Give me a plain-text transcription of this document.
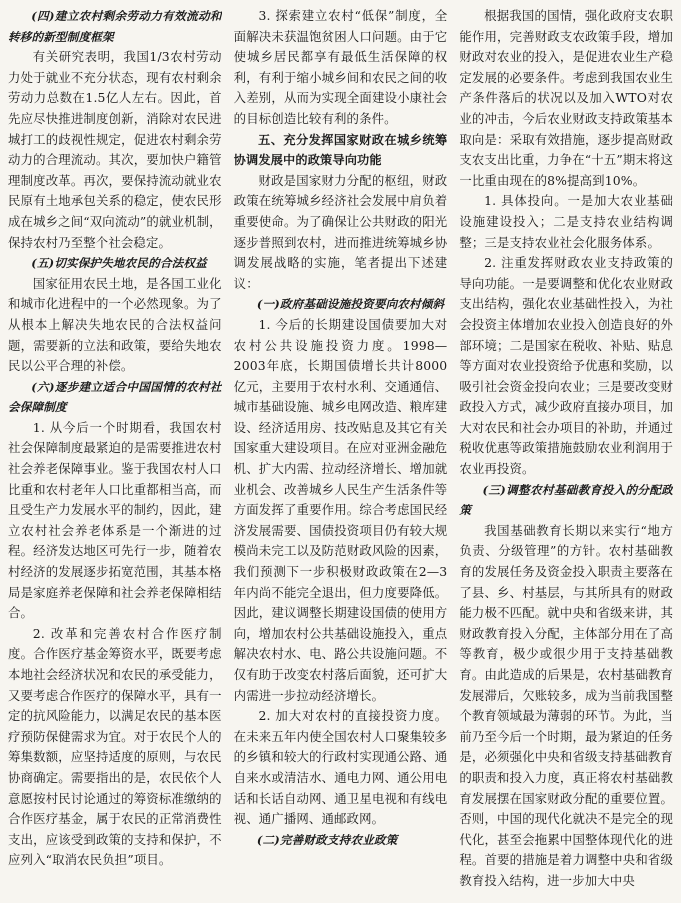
(四)建立农村剩余劳动力有效流动和转移的新型制度框架

有关研究表明，我国1/3农村劳动力处于就业不充分状态，现有农村剩余劳动力总数在1.5亿人左右。因此，首先应尽快推进制度创新，消除对农民进城打工的歧视性规定，促进农村剩余劳动力的合理流动。其次，要加快户籍管理制度改革。再次，要保持流动就业农民原有土地承包关系的稳定，使农民形成在城乡之间“双向流动”的就业机制，保持农村乃至整个社会稳定。

(五)切实保护失地农民的合法权益

国家征用农民土地，是各国工业化和城市化进程中的一个必然现象。为了从根本上解决失地农民的合法权益问题，需要新的立法和政策，要给失地农民以公平合理的补偿。

(六)逐步建立适合中国国情的农村社会保障制度

1. 从今后一个时期看，我国农村社会保障制度最紧迫的是需要推进农村社会养老保障事业。鉴于我国农村人口比重和农村老年人口比重都相当高，而且受生产力发展水平的制约，因此，建立农村社会养老体系是一个渐进的过程。经济发达地区可先行一步，随着农村经济的发展逐步拓宽范围，其基本格局是家庭养老保障和社会养老保障相结合。

2. 改革和完善农村合作医疗制度。合作医疗基金筹资水平，既要考虑本地社会经济状况和农民的承受能力，又要考虑合作医疗的保障水平，具有一定的抗风险能力，以满足农民的基本医疗预防保健需求为宜。对于农民个人的筹集数额，应坚持适度的原则，与农民协商确定。需要指出的是，农民依个人意愿按村民讨论通过的筹资标准缴纳的合作医疗基金，属于农民的正常消费性支出，应该受到政策的支持和保护，不应列入“取消农民负担”项目。

3. 探索建立农村“低保”制度，全面解决未获温饱贫困人口问题。由于它使城乡居民都享有最低生活保障的权利，有利于缩小城乡间和农民之间的收入差别，从而为实现全面建设小康社会的目标创造比较有利的条件。

五、充分发挥国家财政在城乡统筹协调发展中的政策导向功能

财政是国家财力分配的枢纽，财政政策在统筹城乡经济社会发展中肩负着重要使命。为了确保让公共财政的阳光逐步普照到农村，进而推进统筹城乡协调发展战略的实施，笔者提出下述建议：

(一)政府基础设施投资要向农村倾斜

1. 今后的长期建设国债要加大对农村公共设施投资力度。1998—2003年底，长期国债增长共计8000亿元，主要用于农村水利、交通通信、城市基础设施、城乡电网改造、粮库建设、经济适用房、技改贴息及其它有关国家重大建设项目。在应对亚洲金融危机、扩大内需、拉动经济增长、增加就业机会、改善城乡人民生产生活条件等方面发挥了重要作用。综合考虑国民经济发展需要、国债投资项目仍有较大规模尚未完工以及防范财政风险的因素，我们预测下一步积极财政政策在2—3年内尚不能完全退出，但力度要降低。因此，建议调整长期建设国债的使用方向，增加农村公共基础设施投入，重点解决农村水、电、路公共设施问题。不仅有助于改变农村落后面貌，还可扩大内需进一步拉动经济增长。

2. 加大对农村的直接投资力度。在未来五年内使全国农村人口聚集较多的乡镇和较大的行政村实现通公路、通自来水或清洁水、通电力网、通公用电话和长话自动网、通卫星电视和有线电视、通广播网、通邮政网。

(二)完善财政支持农业政策

根据我国的国情，强化政府支农职能作用，完善财政支农政策手段，增加财政对农业的投入，是促进农业生产稳定发展的必要条件。考虑到我国农业生产条件落后的状况以及加入WTO对农业的冲击，今后农业财政支持政策基本取向是：采取有效措施，逐步提高财政支农支出比重，力争在“十五”期末将这一比重由现在的8%提高到10%。

1. 具体投向。一是加大农业基础设施建设投入；二是支持农业结构调整；三是支持农业社会化服务体系。

2. 注重发挥财政农业支持政策的导向功能。一是要调整和优化农业财政支出结构，强化农业基础性投入，为社会投资主体增加农业投入创造良好的外部环境；二是国家在税收、补贴、贴息等方面对农业投资给予优惠和奖励，以吸引社会资金投向农业；三是要改变财政投入方式，减少政府直接办项目，加大对农民和社会办项目的补助，并通过税收优惠等政策措施鼓励农业利润用于农业再投资。

(三)调整农村基础教育投入的分配政策

我国基础教育长期以来实行“地方负责、分级管理”的方针。农村基础教育的发展任务及资金投入职责主要落在了县、乡、村基层，与其所具有的财政能力极不匹配。就中央和省级来讲，其财政教育投入分配，主体部分用在了高等教育，极少或很少用于支持基础教育。由此造成的后果是，农村基础教育发展滞后，欠账较多，成为当前我国整个教育领域最为薄弱的环节。为此，当前乃至今后一个时期，最为紧迫的任务是，必须强化中央和省级支持基础教育的职责和投入力度，真正将农村基础教育发展摆在国家财政分配的重要位置。否则，中国的现代化就决不是完全的现代化，甚至会拖累中国整体现代化的进程。首要的措施是着力调整中央和省级教育投入结构，进一步加大中央
